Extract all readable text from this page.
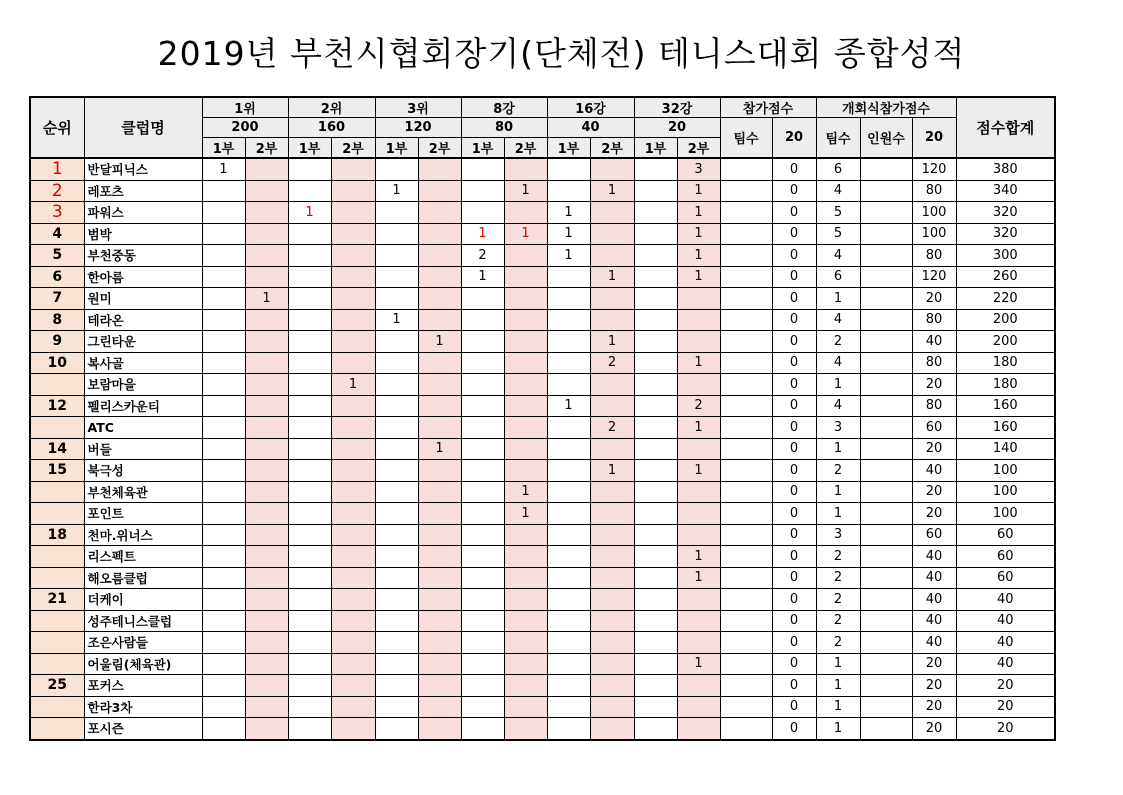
2019년 부천시협회장기(단체전) 테니스대회 종합성적
순위	클럽명	1위		2위		3위		8강		16강		32강		참가점수		개회식참가점수			점수합계
		200		160		120		80		40		20		팀수	20	팀수	인원수	20	
		1부	2부	1부	2부	1부	2부	1부	2부	1부	2부	1부	2부						
1	반달피닉스	1											3		0	6		120	380
2	레포츠					1			1		1		1		0	4		80	340
3	파워스			1						1			1		0	5		100	320
4	범박							1	1	1			1		0	5		100	320
5	부천중동							2		1			1		0	4		80	300
6	한아름							1			1		1		0	6		120	260
7	원미		1												0	1		20	220
8	테라온					1									0	4		80	200
9	그린타운						1				1				0	2		40	200
10	복사골										2		1		0	4		80	180
	보람마을				1										0	1		20	180
12	펠리스카운티									1			2		0	4		80	160
	ATC										2		1		0	3		60	160
14	버들						1								0	1		20	140
15	북극성										1		1		0	2		40	100
	부천체육관								1						0	1		20	100
	포인트								1						0	1		20	100
18	천마.위너스														0	3		60	60
	리스펙트												1		0	2		40	60
	해오름클럽												1		0	2		40	60
21	더케이														0	2		40	40
	성주테니스클럽														0	2		40	40
	조은사람들														0	2		40	40
	어울림(체육관)												1		0	1		20	40
25	포커스														0	1		20	20
	한라3차														0	1		20	20
	포시즌														0	1		20	20
